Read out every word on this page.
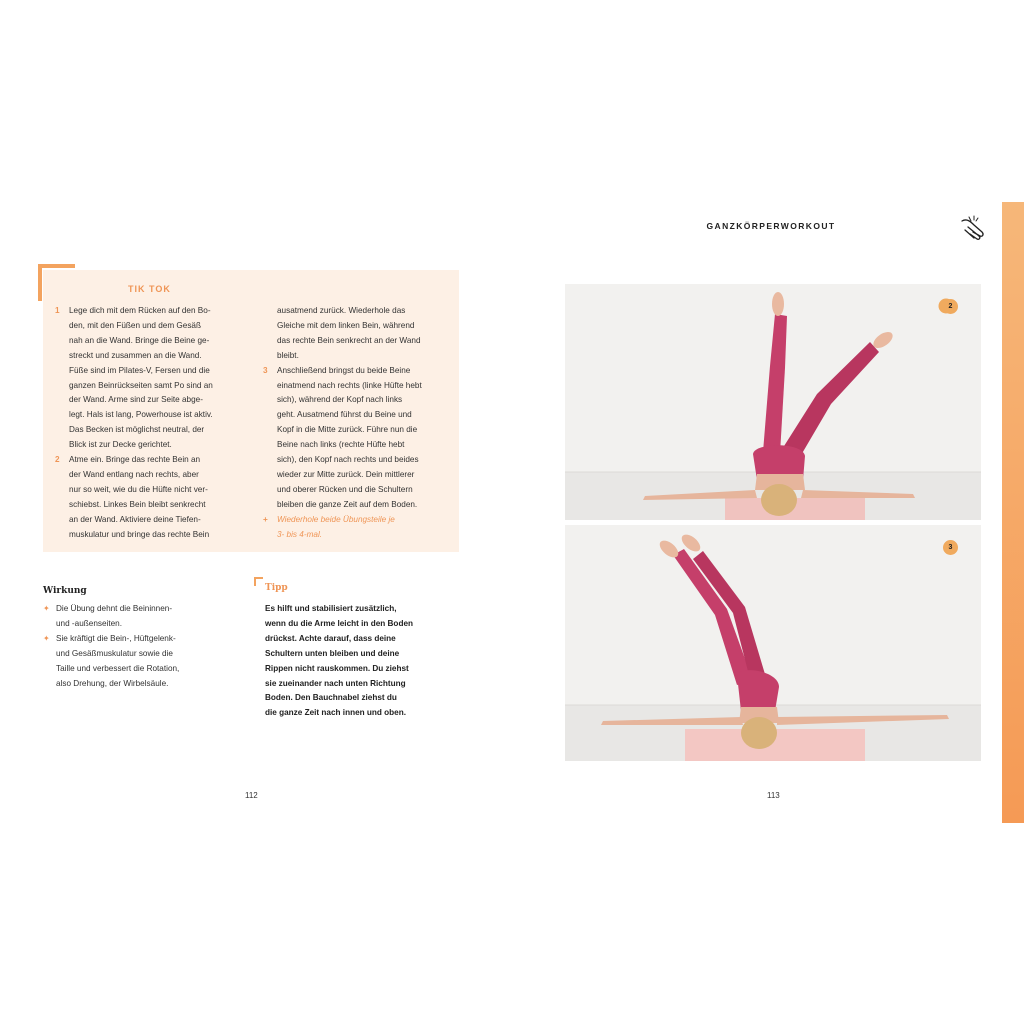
GANZKÖRPERWORKOUT
TIK TOK
1 Lege dich mit dem Rücken auf den Bo-
den, mit den Füßen und dem Gesäß
nah an die Wand. Bringe die Beine ge-
streckt und zusammen an die Wand.
Füße sind im Pilates-V, Fersen und die
ganzen Beinrückseiten samt Po sind an
der Wand. Arme sind zur Seite abge-
legt. Hals ist lang, Powerhouse ist aktiv.
Das Becken ist möglichst neutral, der
Blick ist zur Decke gerichtet.
2 Atme ein. Bringe das rechte Bein an
der Wand entlang nach rechts, aber
nur so weit, wie du die Hüfte nicht ver-
schiebst. Linkes Bein bleibt senkrecht
an der Wand. Aktiviere deine Tiefen-
muskulatur und bringe das rechte Bein
ausatmend zurück. Wiederhole das
Gleiche mit dem linken Bein, während
das rechte Bein senkrecht an der Wand
bleibt.
3 Anschließend bringst du beide Beine
einatmend nach rechts (linke Hüfte hebt
sich), während der Kopf nach links
geht. Ausatmend führst du Beine und
Kopf in die Mitte zurück. Führe nun die
Beine nach links (rechte Hüfte hebt
sich), den Kopf nach rechts und beides
wieder zur Mitte zurück. Dein mittlerer
und oberer Rücken und die Schultern
bleiben die ganze Zeit auf dem Boden.
+ Wiederhole beide Übungsteile je
3- bis 4-mal.
Wirkung
✦ Die Übung dehnt die Beininnen-
und -außenseiten.
✦ Sie kräftigt die Bein-, Hüftgelenk-
und Gesäßmuskulatur sowie die
Taille und verbessert die Rotation,
also Drehung, der Wirbelsäule.
Tipp
Es hilft und stabilisiert zusätzlich,
wenn du die Arme leicht in den Boden
drückst. Achte darauf, dass deine
Schultern unten bleiben und deine
Rippen nicht rauskommen. Du ziehst
sie zueinander nach unten Richtung
Boden. Den Bauchnabel ziehst du
die ganze Zeit nach innen und oben.
112	113
2
3
